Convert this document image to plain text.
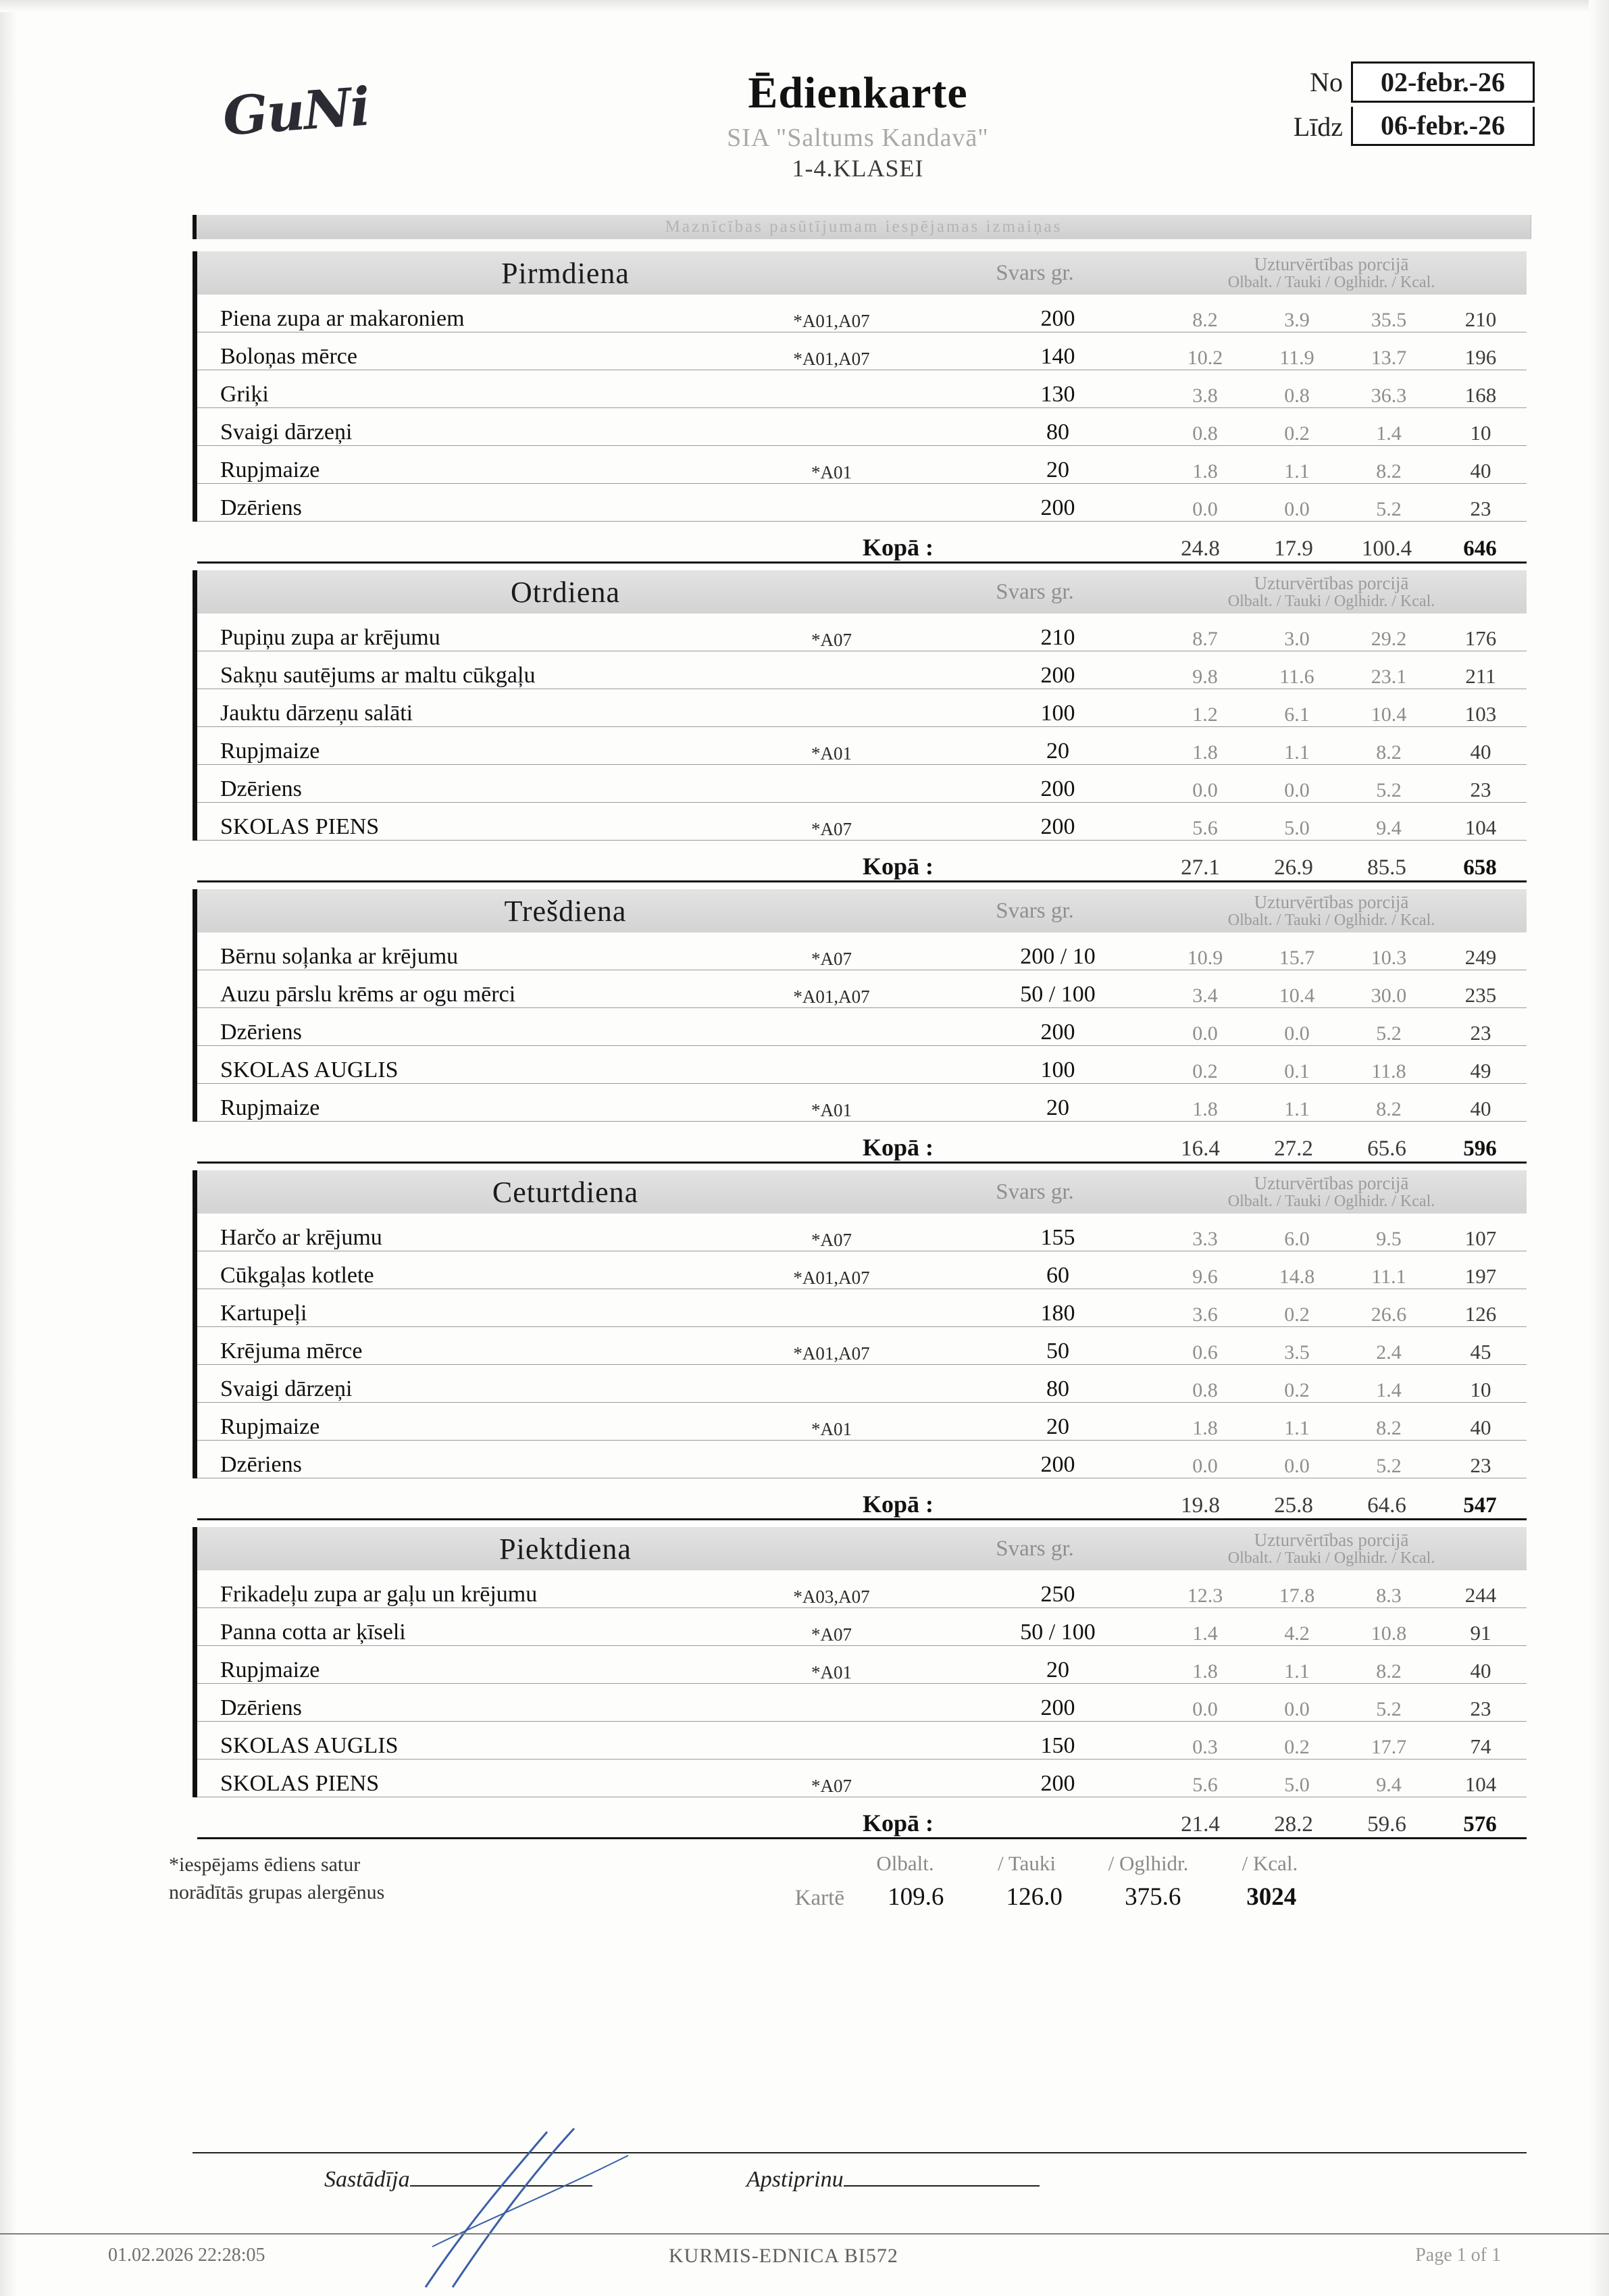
GuNi	Ēdienkarte
SIA "Saltums Kandavā"
1-4.KLASEI
No	02-febr.-26
Līdz	06-febr.-26
Maznīcības pasūtījumam iespējamas izmaiņas
Pirmdiena	Svars gr.	Uzturvērtības porcijā
Olbalt. / Tauki / Oglhidr. / Kcal.
Piena zupa ar makaroniem	*A01,A07	200	8.2	3.9	35.5	210
Boloņas mērce	*A01,A07	140	10.2	11.9	13.7	196
Griķi	130	3.8	0.8	36.3	168
Svaigi dārzeņi	80	0.8	0.2	1.4	10
Rupjmaize	*A01	20	1.8	1.1	8.2	40
Dzēriens	200	0.0	0.0	5.2	23
Kopā :	24.8	17.9	100.4	646
Otrdiena	Svars gr.	Uzturvērtības porcijā
Olbalt. / Tauki / Oglhidr. / Kcal.
Pupiņu zupa ar krējumu	*A07	210	8.7	3.0	29.2	176
Sakņu sautējums ar maltu cūkgaļu	200	9.8	11.6	23.1	211
Jauktu dārzeņu salāti	100	1.2	6.1	10.4	103
Rupjmaize	*A01	20	1.8	1.1	8.2	40
Dzēriens	200	0.0	0.0	5.2	23
SKOLAS PIENS	*A07	200	5.6	5.0	9.4	104
Kopā :	27.1	26.9	85.5	658
Trešdiena	Svars gr.	Uzturvērtības porcijā
Olbalt. / Tauki / Oglhidr. / Kcal.
Bērnu soļanka ar krējumu	*A07	200 / 10	10.9	15.7	10.3	249
Auzu pārslu krēms ar ogu mērci	*A01,A07	50 / 100	3.4	10.4	30.0	235
Dzēriens	200	0.0	0.0	5.2	23
SKOLAS AUGLIS	100	0.2	0.1	11.8	49
Rupjmaize	*A01	20	1.8	1.1	8.2	40
Kopā :	16.4	27.2	65.6	596
Ceturtdiena	Svars gr.	Uzturvērtības porcijā
Olbalt. / Tauki / Oglhidr. / Kcal.
Harčo ar krējumu	*A07	155	3.3	6.0	9.5	107
Cūkgaļas kotlete	*A01,A07	60	9.6	14.8	11.1	197
Kartupeļi	180	3.6	0.2	26.6	126
Krējuma mērce	*A01,A07	50	0.6	3.5	2.4	45
Svaigi dārzeņi	80	0.8	0.2	1.4	10
Rupjmaize	*A01	20	1.8	1.1	8.2	40
Dzēriens	200	0.0	0.0	5.2	23
Kopā :	19.8	25.8	64.6	547
Piektdiena	Svars gr.	Uzturvērtības porcijā
Olbalt. / Tauki / Oglhidr. / Kcal.
Frikadeļu zupa ar gaļu un krējumu	*A03,A07	250	12.3	17.8	8.3	244
Panna cotta ar ķīseli	*A07	50 / 100	1.4	4.2	10.8	91
Rupjmaize	*A01	20	1.8	1.1	8.2	40
Dzēriens	200	0.0	0.0	5.2	23
SKOLAS AUGLIS	150	0.3	0.2	17.7	74
SKOLAS PIENS	*A07	200	5.6	5.0	9.4	104
Kopā :	21.4	28.2	59.6	576
*iespējams ēdiens satur
norādītās grupas alergēnus
Olbalt.	/ Tauki	/ Oglhidr.	/ Kcal.
Kartē	109.6	126.0	375.6	3024
Sastādīja	Apstiprinu
01.02.2026 22:28:05	KURMIS-EDNICA BI572	Page 1 of 1
